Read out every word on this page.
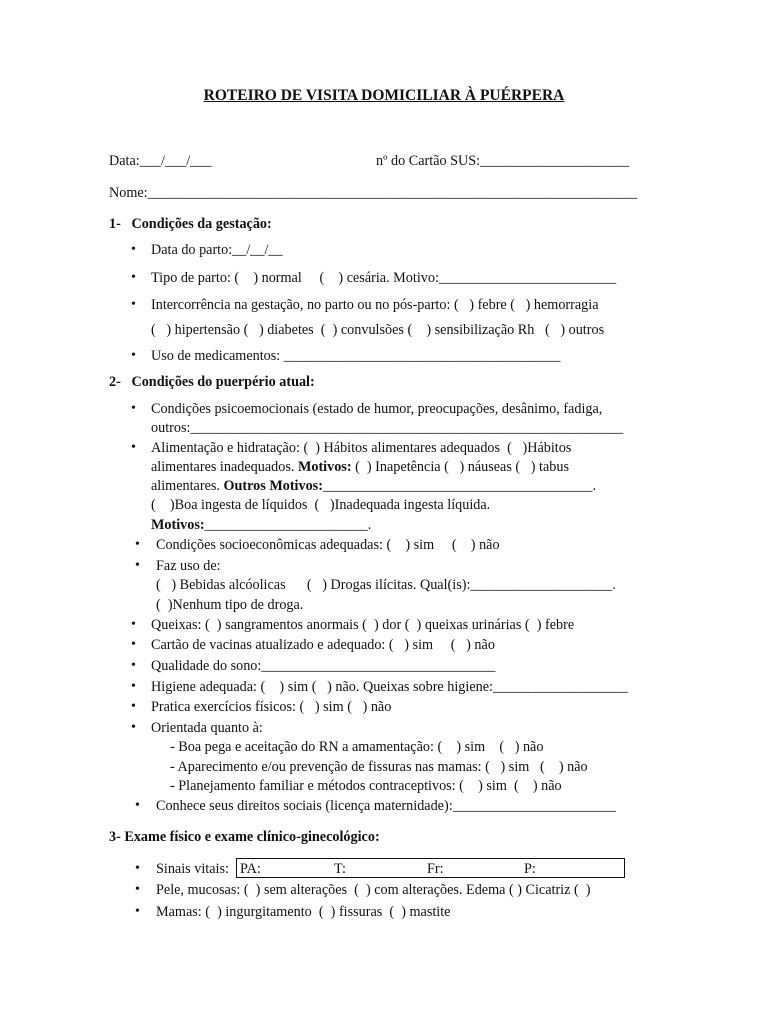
ROTEIRO DE VISITA DOMICILIAR À PUÉRPERA
Data:___/___/___	nº do Cartão SUS:_____________________
Nome:_____________________________________________________________________
1-   Condições da gestação:
• Data do parto:__/__/__
• Tipo de parto: (    ) normal     (    ) cesária. Motivo:_________________________
• Intercorrência na gestação, no parto ou no pós-parto: (   ) febre (   ) hemorragia
(   ) hipertensão (   ) diabetes  (  ) convulsões (    ) sensibilização Rh   (   ) outros
• Uso de medicamentos: _______________________________________
2-   Condições do puerpério atual:
• Condições psicoemocionais (estado de humor, preocupações, desânimo, fadiga,
outros:_____________________________________________________________
• Alimentação e hidratação: (  ) Hábitos alimentares adequados  (   )Hábitos
alimentares inadequados. Motivos: (  ) Inapetência (   ) náuseas (   ) tabus
alimentares. Outros Motivos:______________________________________.
(    )Boa ingesta de líquidos  (   )Inadequada ingesta líquida.
Motivos:_______________________.
• Condições socioeconômicas adequadas: (    ) sim     (    ) não
• Faz uso de:
(   ) Bebidas alcóolicas      (   ) Drogas ilícitas. Qual(is):____________________.
(  )Nenhum tipo de droga.
• Queixas: (  ) sangramentos anormais (  ) dor (  ) queixas urinárias (  ) febre
• Cartão de vacinas atualizado e adequado: (   ) sim     (   ) não
• Qualidade do sono:_________________________________
• Higiene adequada: (    ) sim (   ) não. Queixas sobre higiene:___________________
• Pratica exercícios físicos: (   ) sim (   ) não
• Orientada quanto à:
- Boa pega e aceitação do RN a amamentação: (    ) sim    (   ) não
- Aparecimento e/ou prevenção de fissuras nas mamas: (   ) sim   (    ) não
- Planejamento familiar e métodos contraceptivos: (    ) sim  (    ) não
• Conhece seus direitos sociais (licença maternidade):_______________________
3- Exame físico e exame clínico-ginecológico:
• Sinais vitais: PA:	T:	Fr:	P:
• Pele, mucosas: (  ) sem alterações  (  ) com alterações. Edema ( ) Cicatriz (  )
• Mamas: (  ) ingurgitamento  (  ) fissuras  (  ) mastite
